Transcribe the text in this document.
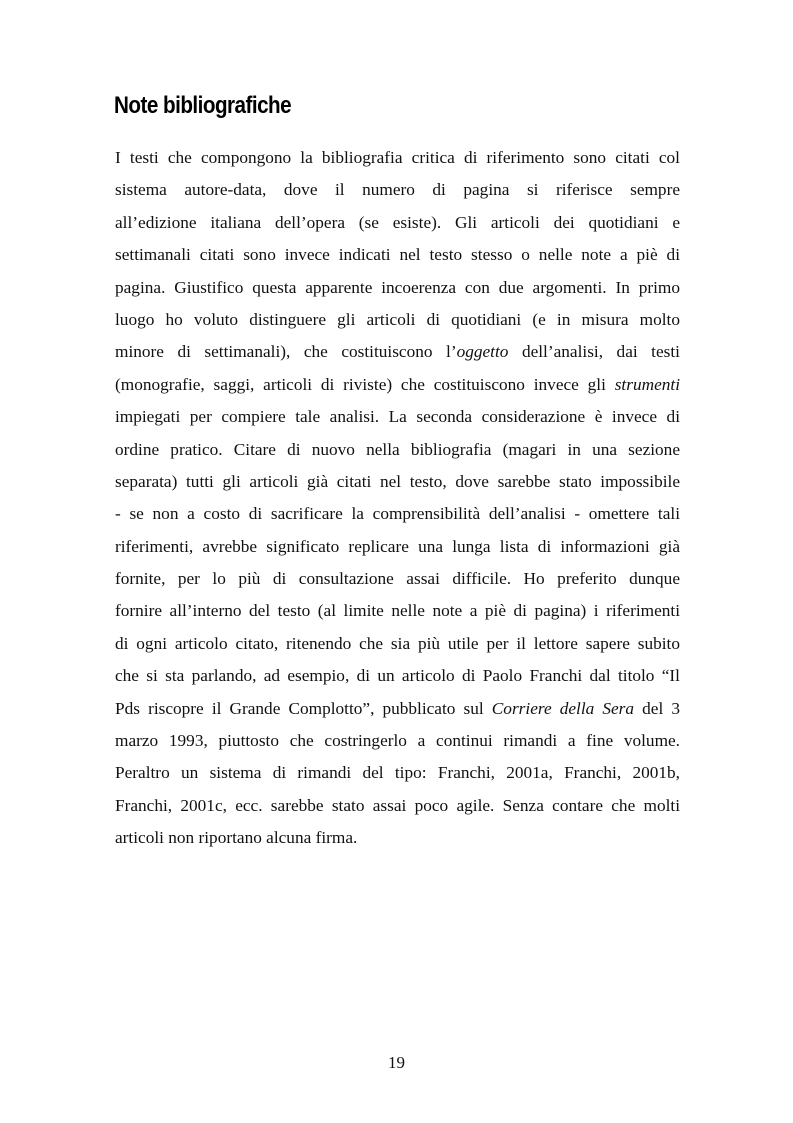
Note bibliografiche
I testi che compongono la bibliografia critica di riferimento sono citati col
sistema autore-data, dove il numero di pagina si riferisce sempre
all’edizione italiana dell’opera (se esiste). Gli articoli dei quotidiani e
settimanali citati sono invece indicati nel testo stesso o nelle note a piè di
pagina. Giustifico questa apparente incoerenza con due argomenti. In primo
luogo ho voluto distinguere gli articoli di quotidiani (e in misura molto
minore di settimanali), che costituiscono l’oggetto dell’analisi, dai testi
(monografie, saggi, articoli di riviste) che costituiscono invece gli strumenti
impiegati per compiere tale analisi. La seconda considerazione è invece di
ordine pratico. Citare di nuovo nella bibliografia (magari in una sezione
separata) tutti gli articoli già citati nel testo, dove sarebbe stato impossibile
- se non a costo di sacrificare la comprensibilità dell’analisi - omettere tali
riferimenti, avrebbe significato replicare una lunga lista di informazioni già
fornite, per lo più di consultazione assai difficile. Ho preferito dunque
fornire all’interno del testo (al limite nelle note a piè di pagina) i riferimenti
di ogni articolo citato, ritenendo che sia più utile per il lettore sapere subito
che si sta parlando, ad esempio, di un articolo di Paolo Franchi dal titolo “Il
Pds riscopre il Grande Complotto”, pubblicato sul Corriere della Sera del 3
marzo 1993, piuttosto che costringerlo a continui rimandi a fine volume.
Peraltro un sistema di rimandi del tipo: Franchi, 2001a, Franchi, 2001b,
Franchi, 2001c, ecc. sarebbe stato assai poco agile. Senza contare che molti
articoli non riportano alcuna firma.
19
